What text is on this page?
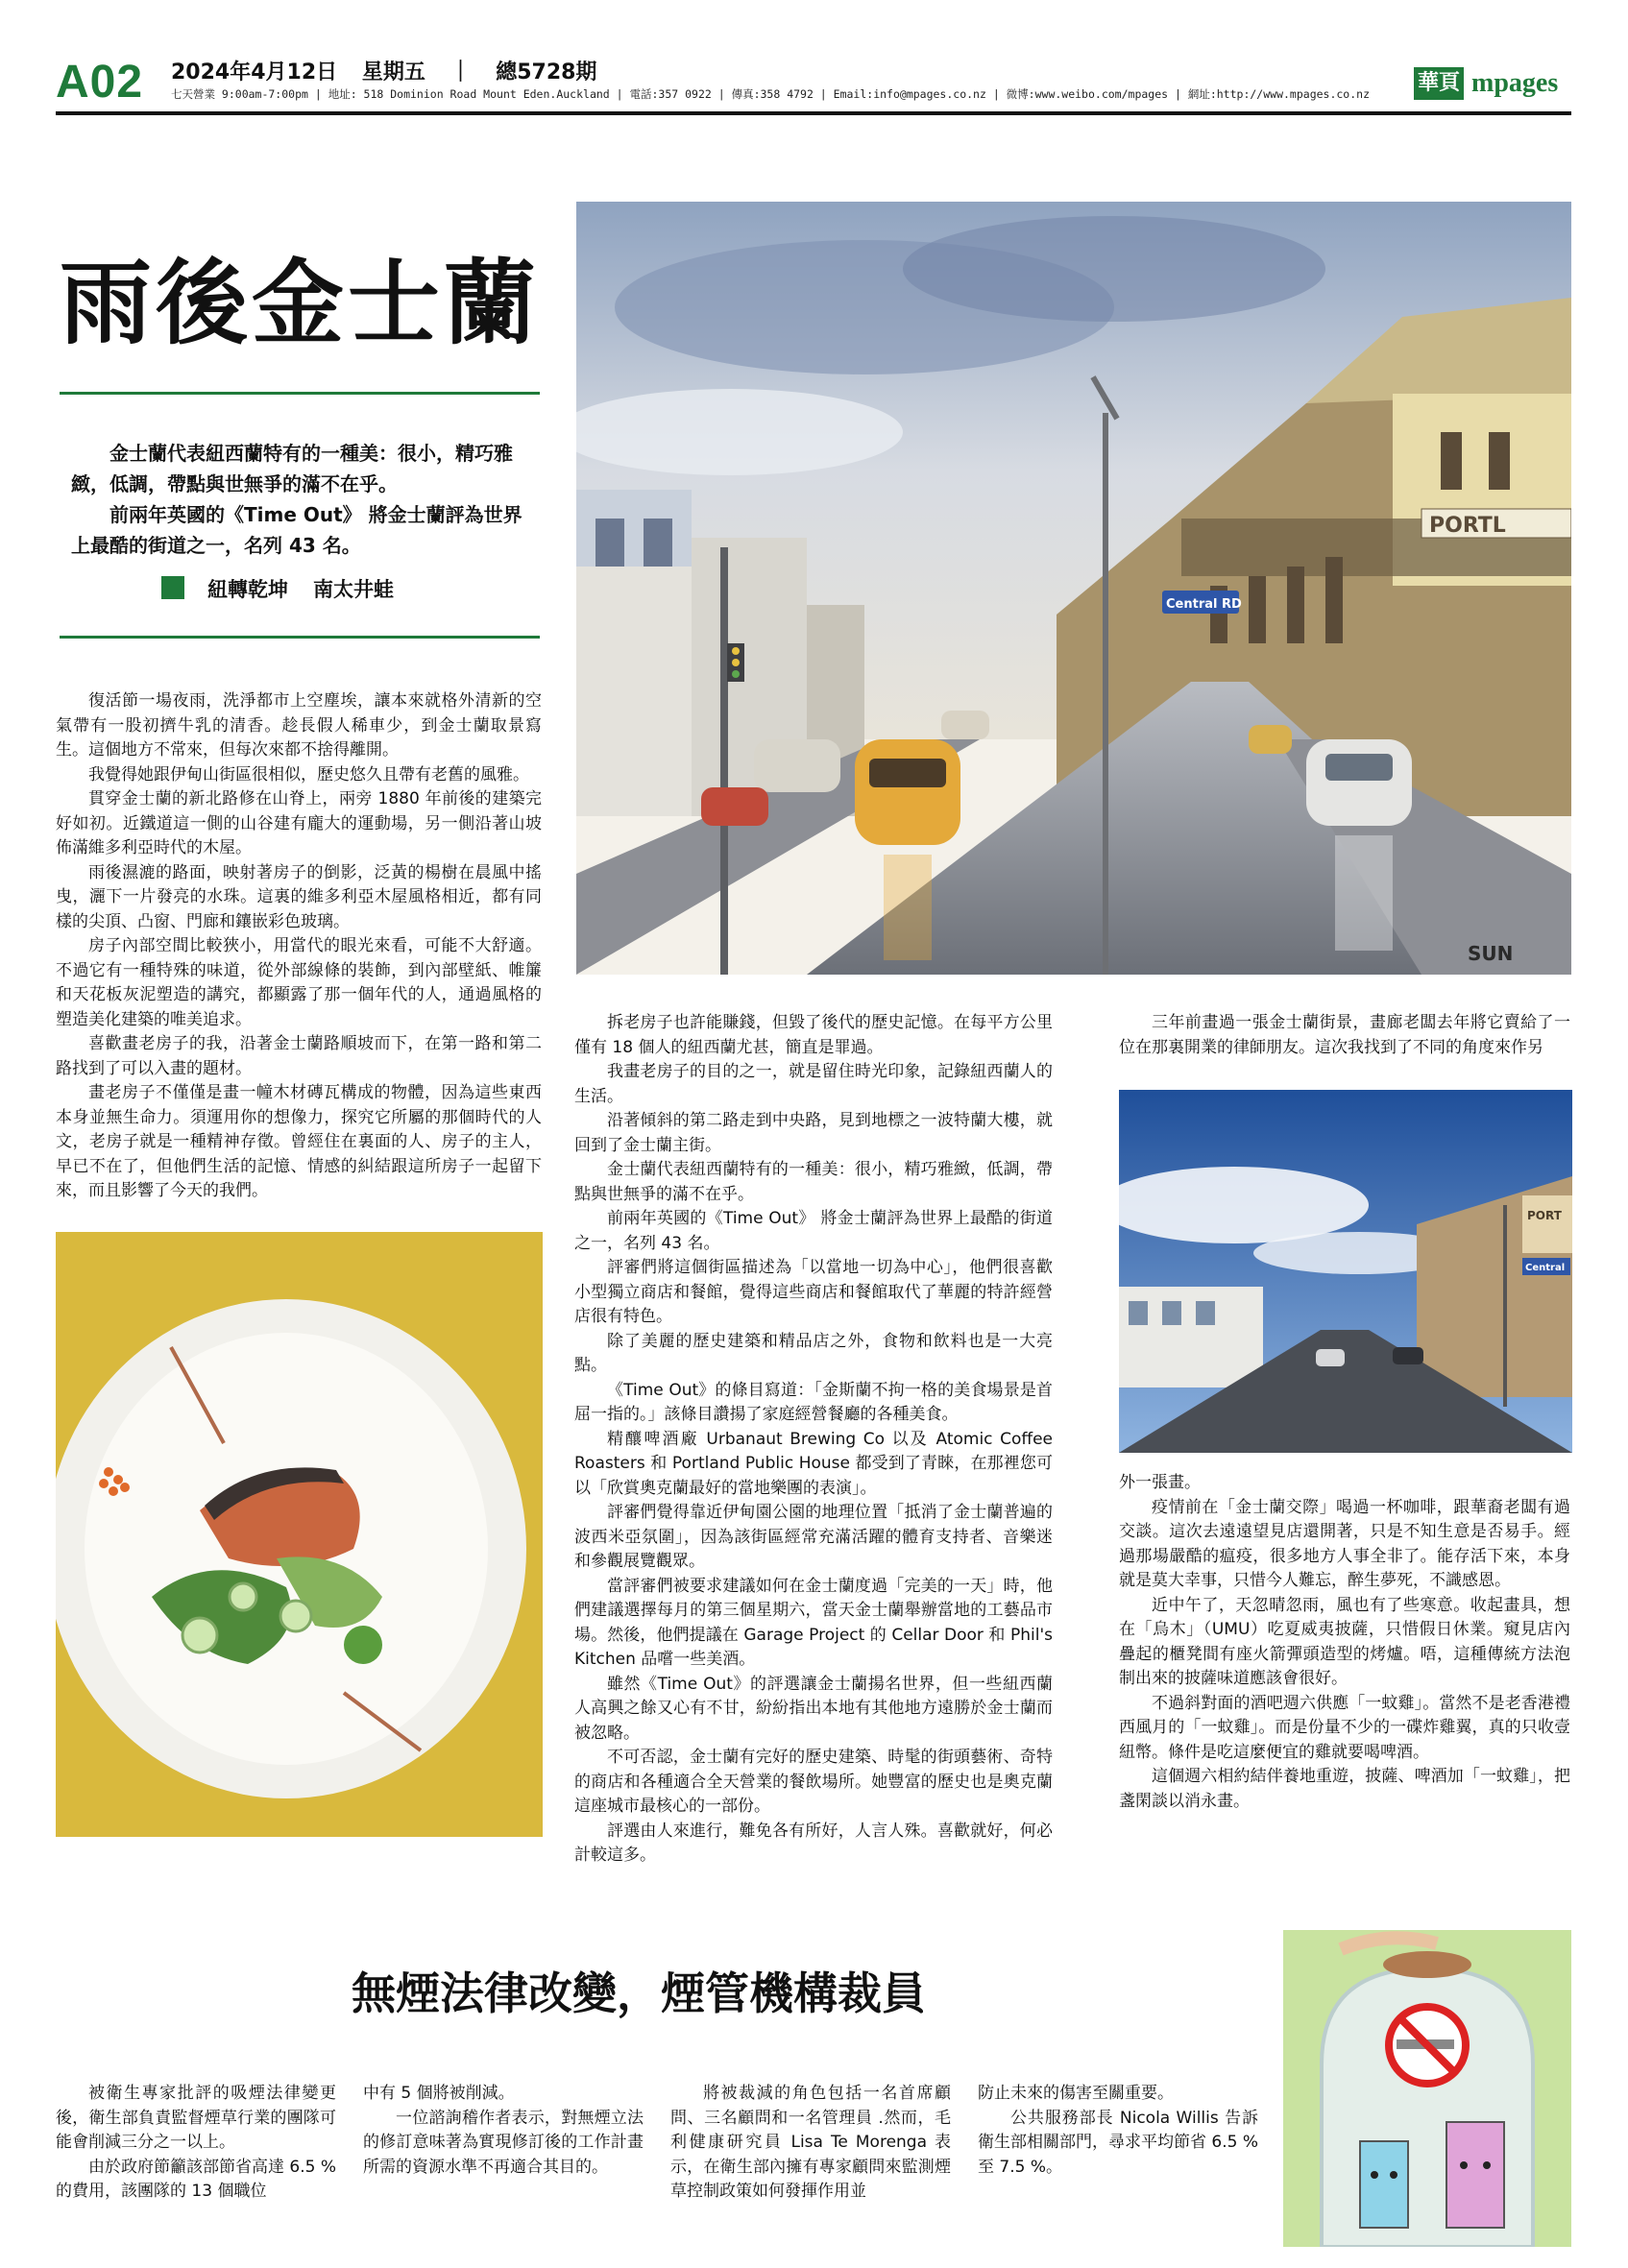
A02 2024年4月12日 星期五 ｜ 總5728期
七天營業 9:00am-7:00pm | 地址: 518 Dominion Road Mount Eden.Auckland | 電話:357 0922 | 傳真:358 4792 | Email:info@mpages.co.nz | 微博:www.weibo.com/mpages | 網址:http://www.mpages.co.nz 華頁 mpages
雨後金士蘭

金士蘭代表紐西蘭特有的一種美：很小，精巧雅緻，低調，帶點與世無爭的滿不在乎。

前兩年英國的《Time Out》 將金士蘭評為世界上最酷的街道之一，名列 43 名。

紐轉乾坤 南太井蛙

復活節一場夜雨，洗淨都市上空塵埃，讓本來就格外清新的空氣帶有一股初擠牛乳的清香。趁長假人稀車少，到金士蘭取景寫生。這個地方不常來，但每次來都不捨得離開。

我覺得她跟伊甸山街區很相似，歷史悠久且帶有老舊的風雅。

貫穿金士蘭的新北路修在山脊上，兩旁 1880 年前後的建築完好如初。近鐵道這一側的山谷建有龐大的運動場，另一側沿著山坡佈滿維多利亞時代的木屋。

雨後濕漉的路面，映射著房子的倒影，泛黃的楊樹在晨風中搖曳，灑下一片發亮的水珠。這裏的維多利亞木屋風格相近，都有同樣的尖頂、凸窗、門廊和鑲嵌彩色玻璃。

房子內部空間比較狹小，用當代的眼光來看，可能不大舒適。不過它有一種特殊的味道，從外部線條的裝飾，到內部壁紙、帷簾和天花板灰泥塑造的講究，都顯露了那一個年代的人，通過風格的塑造美化建築的唯美追求。

喜歡畫老房子的我，沿著金士蘭路順坡而下，在第一路和第二路找到了可以入畫的題材。

畫老房子不僅僅是畫一幢木材磚瓦構成的物體，因為這些東西本身並無生命力。須運用你的想像力，探究它所屬的那個時代的人文，老房子就是一種精神存徵。曾經住在裏面的人、房子的主人，早已不在了，但他們生活的記憶、情感的糾結跟這所房子一起留下來，而且影響了今天的我們。

PORTL
Central RD
SUN

拆老房子也許能賺錢，但毀了後代的歷史記憶。在每平方公里僅有 18 個人的紐西蘭尤甚，簡直是罪過。

我畫老房子的目的之一，就是留住時光印象，記錄紐西蘭人的生活。

沿著傾斜的第二路走到中央路，見到地標之一波特蘭大樓，就回到了金士蘭主街。

金士蘭代表紐西蘭特有的一種美：很小，精巧雅緻，低調，帶點與世無爭的滿不在乎。

前兩年英國的《Time Out》 將金士蘭評為世界上最酷的街道之一，名列 43 名。

評審們將這個街區描述為「以當地一切為中心」，他們很喜歡小型獨立商店和餐館，覺得這些商店和餐館取代了華麗的特許經營店很有特色。

除了美麗的歷史建築和精品店之外，食物和飲料也是一大亮點。

《Time Out》的條目寫道：「金斯蘭不拘一格的美食場景是首屈一指的。」該條目讚揚了家庭經營餐廳的各種美食。

精釀啤酒廠 Urbanaut Brewing Co 以及 Atomic Coffee Roasters 和 Portland Public House 都受到了青睞，在那裡您可以「欣賞奧克蘭最好的當地樂團的表演」。

評審們覺得靠近伊甸園公園的地理位置「抵消了金士蘭普遍的波西米亞氛圍」，因為該街區經常充滿活躍的體育支持者、音樂迷和參觀展覽觀眾。

當評審們被要求建議如何在金士蘭度過「完美的一天」時，他們建議選擇每月的第三個星期六，當天金士蘭舉辦當地的工藝品市場。然後，他們提議在 Garage Project 的 Cellar Door 和 Phil's Kitchen 品嚐一些美酒。

雖然《Time Out》的評選讓金士蘭揚名世界，但一些紐西蘭人高興之餘又心有不甘，紛紛指出本地有其他地方遠勝於金士蘭而被忽略。

不可否認，金士蘭有完好的歷史建築、時髦的街頭藝術、奇特的商店和各種適合全天營業的餐飲場所。她豐富的歷史也是奧克蘭這座城市最核心的一部份。

評選由人來進行，難免各有所好，人言人殊。喜歡就好，何必計較這多。

三年前畫過一張金士蘭街景，畫廊老闆去年將它賣給了一位在那裏開業的律師朋友。這次我找到了不同的角度來作另

PORT
Central

外一張畫。

疫情前在「金士蘭交際」喝過一杯咖啡，跟華裔老闆有過交談。這次去遠遠望見店還開著，只是不知生意是否易手。經過那場嚴酷的瘟疫，很多地方人事全非了。能存活下來，本身就是莫大幸事，只惜今人難忘，醉生夢死，不識感恩。

近中午了，天忽晴忽雨，風也有了些寒意。收起畫具，想在「烏木」（UMU）吃夏威夷披薩，只惜假日休業。窺見店內疊起的櫃凳間有座火箭彈頭造型的烤爐。唔，這種傳統方法泡制出來的披薩味道應該會很好。

不過斜對面的酒吧週六供應「一蚊雞」。當然不是老香港禮西風月的「一蚊雞」。而是份量不少的一碟炸雞翼，真的只收壹紐幣。條件是吃這麼便宜的雞就要喝啤酒。

這個週六相約結伴養地重遊，披薩、啤酒加「一蚊雞」，把盞閑談以消永畫。

無煙法律改變，煙管機構裁員

被衛生專家批評的吸煙法律變更後，衛生部負責監督煙草行業的團隊可能會削減三分之一以上。

由於政府節籲該部節省高達 6.5 %的費用，該團隊的 13 個職位

中有 5 個將被削減。

一位諮詢稽作者表示，對無煙立法的修訂意味著為實現修訂後的工作計畫所需的資源水準不再適合其目的。

將被裁減的角色包括一名首席顧問、三名顧問和一名管理員 .然而，毛利健康研究員 Lisa Te Morenga 表示，在衛生部內擁有專家顧問來監測煙草控制政策如何發揮作用並

防止未來的傷害至關重要。

公共服務部長 Nicola Willis 告訴衛生部相關部門，尋求平均節省 6.5 %至 7.5 %。
